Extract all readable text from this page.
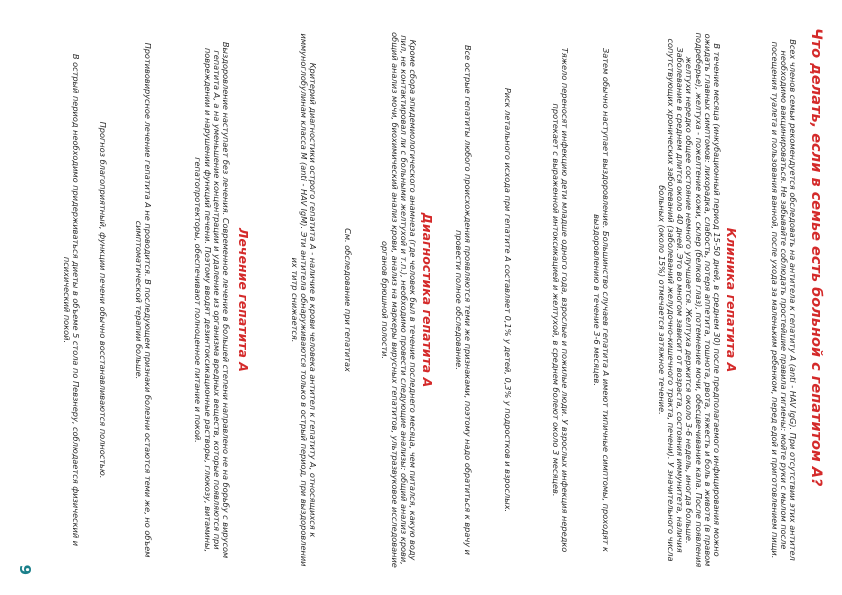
Что делать, если в семье есть больной с гепатитом А?
Всех членов семьи рекомендуется обследовать на антитела к гепатиту А (anti - HAV IgG). При отсутствии этих антител необходимо вакцинироваться. Не забывайте соблюдать простейшие правила гигиены: мойте руки с мылом после посещения туалета и пользования ванной, после ухода за маленьким ребенком, перед едой и приготовлением пищи.
Клиника гепатита А
В течение месяца (инкубационный период 15-50 дней, в среднем 30) после предполагаемого инфицирования можно ожидать главных симптомов: лихорадка, слабость, потеря аппетита, тошнота, рвота, тяжесть и боль в животе (в правом подреберье), желтуха - пожелтение кожи, склер (белков глаз), потемнение мочи, обесцвечивание кала. После появления желтухи нередко общее состояние немного улучшается. Желтуха держится около 3-6 недель, иногда больше. Заболевание в среднем длится около 40 дней. Это во многом зависит от возраста, состояния иммунитета, наличия сопутствующих хронических заболеваний (заболеваний желудочно-кишечного тракта, печени). У значительного числа больных (около 15%) отмечается затяжное течение.
Затем обычно наступает выздоровление. Большинство случаев гепатита А имеют типичные симптомы, проходят к выздоровлению в течение 3-6 месяцев.
Тяжело переносят инфекцию дети младше одного года, взрослые и пожилые люди. У взрослых инфекция нередко протекает с выраженной интоксикацией и желтухой, в среднем болеют около 3 месяцев.
Риск летального исхода при гепатите А составляет 0,1% у детей, 0,3% у подростков и взрослых.
Все острые гепатиты любого происхождения проявляются теми же признаками, поэтому надо обратиться к врачу и провести полное обследование.
Диагностика гепатита А
Кроме сбора эпидемиологического анамнеза (где человек был в течение последнего месяца, чем питался, какую воду пил, не контактировал ли с больными желтухой и т.п.), необходимо провести следующие анализы: общий анализ крови, общий анализ мочи, биохимический анализ крови, анализ на маркеры вирусных гепатитов, ультразвуковое исследование органов брюшной полости.
См. обследование при гепатитах
Критерий диагностики острого гепатита А - наличие в крови человека антител к гепатиту А, относящихся к иммуноглобулинам класса М (anti - HAV IgM). Эти антитела обнаруживаются только в острый период, при выздоровлении их титр снижается.
Лечение гепатита А
Выздоровление наступает без лечения. Современное лечение в большей степени направлено не на борьбу с вирусом гепатита А, а на уменьшение концентрации и удаление из организма вредных веществ, которые появляются при повреждении и нарушении функций печени. Поэтому вводят дезинтоксикационные растворы, глюкозу, витамины, гепатопротекторы, обеспечивают полноценное питание и покой.
Противовирусное лечение гепатита А не проводится. В последующем признаки болезни остаются теми же, но объем симптоматической терапии больше.
Прогноз благоприятный, функции печени обычно восстанавливаются полностью.
В острый период необходимо придерживаться диеты в объеме 5 стола по Певзнеру, соблюдается физический и психический покой.
9
